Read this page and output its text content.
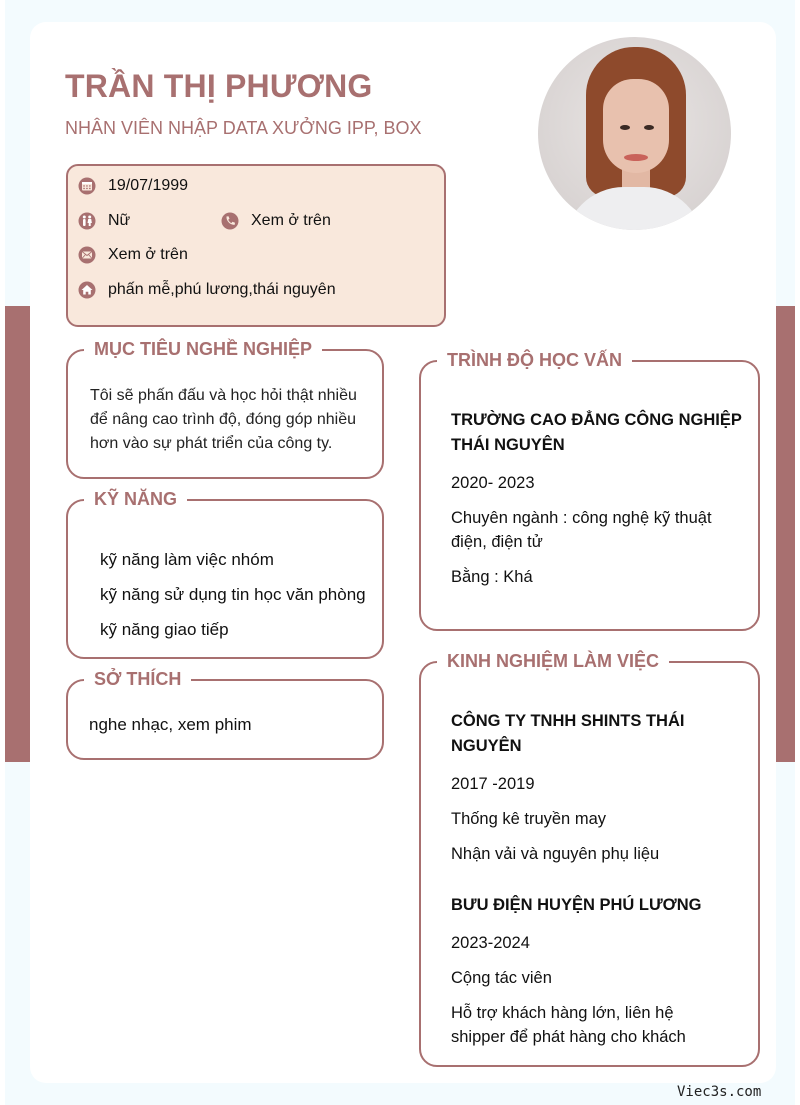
TRẦN THỊ PHƯƠNG
NHÂN VIÊN NHẬP DATA XƯỞNG IPP, BOX
19/07/1999
Nữ	Xem ở trên
Xem ở trên
phấn mễ,phú lương,thái nguyên
MỤC TIÊU NGHỀ NGHIỆP
Tôi sẽ phấn đấu và học hỏi thật nhiều
để nâng cao trình độ, đóng góp nhiều
hơn vào sự phát triển của công ty.
KỸ NĂNG
kỹ năng làm việc nhóm
kỹ năng sử dụng tin học văn phòng
kỹ năng giao tiếp
SỞ THÍCH
nghe nhạc, xem phim
TRÌNH ĐỘ HỌC VẤN
TRƯỜNG CAO ĐẲNG CÔNG NGHIỆP
THÁI NGUYÊN
2020- 2023
Chuyên ngành : công nghệ kỹ thuật
điện, điện tử
Bằng : Khá
KINH NGHIỆM LÀM VIỆC
CÔNG TY TNHH SHINTS THÁI
NGUYÊN
2017 -2019
Thống kê truyền may
Nhận vải và nguyên phụ liệu
BƯU ĐIỆN HUYỆN PHÚ LƯƠNG
2023-2024
Cộng tác viên
Hỗ trợ khách hàng lớn, liên hệ
shipper để phát hàng cho khách
Viec3s.com
